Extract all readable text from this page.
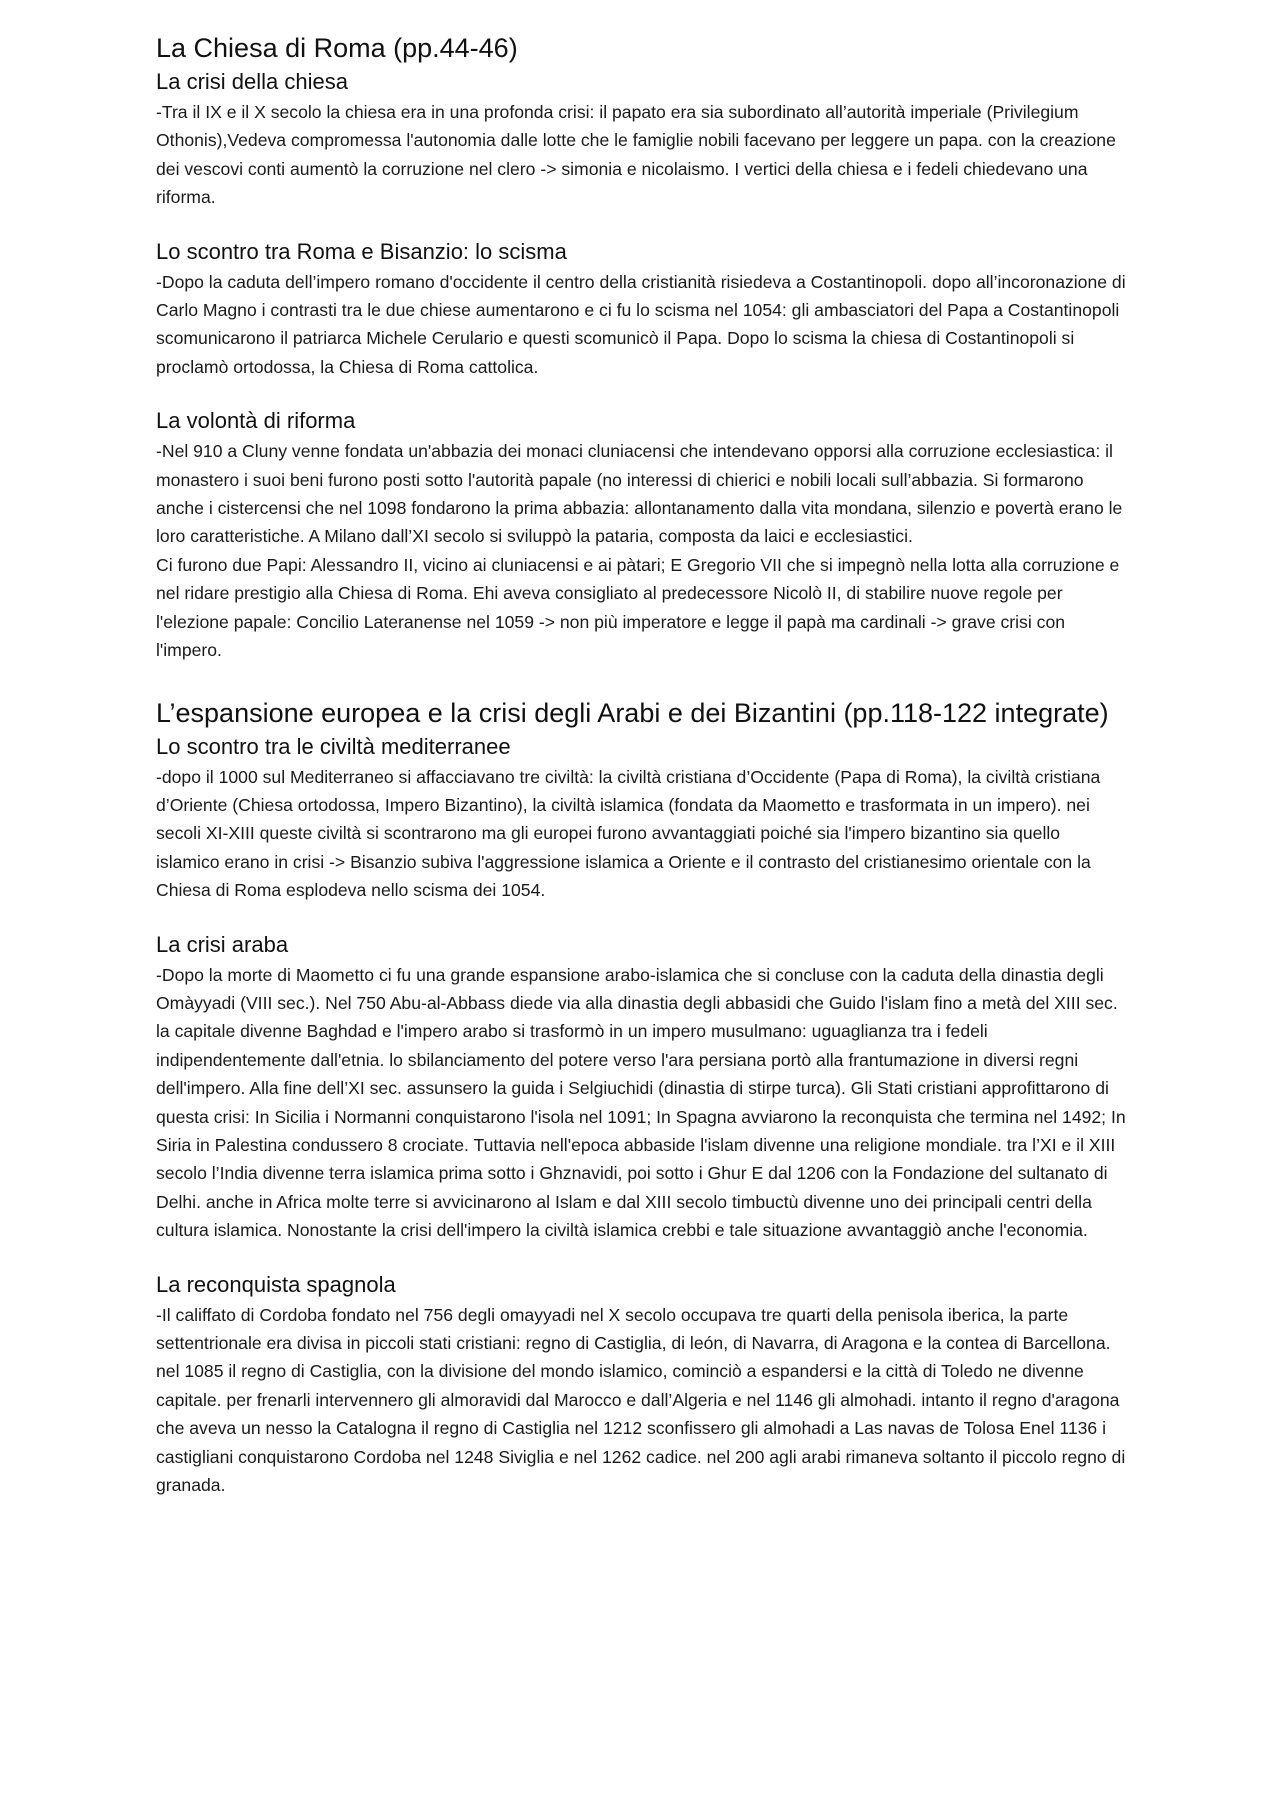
La Chiesa di Roma (pp.44-46)
La crisi della chiesa

-Tra il IX e il X secolo la chiesa era in una profonda crisi: il papato era sia subordinato all’autorità imperiale (Privilegium Othonis),Vedeva compromessa l'autonomia dalle lotte che le famiglie nobili facevano per leggere un papa. con la creazione dei vescovi conti aumentò la corruzione nel clero -> simonia e nicolaismo. I vertici della chiesa e i fedeli chiedevano una riforma.

Lo scontro tra Roma e Bisanzio: lo scisma

-Dopo la caduta dell’impero romano d'occidente il centro della cristianità risiedeva a Costantinopoli. dopo all’incoronazione di Carlo Magno i contrasti tra le due chiese aumentarono e ci fu lo scisma nel 1054: gli ambasciatori del Papa a Costantinopoli scomunicarono il patriarca Michele Cerulario e questi scomunicò il Papa. Dopo lo scisma la chiesa di Costantinopoli si proclamò ortodossa, la Chiesa di Roma cattolica.

La volontà di riforma

-Nel 910 a Cluny venne fondata un'abbazia dei monaci cluniacensi che intendevano opporsi alla corruzione ecclesiastica: il monastero i suoi beni furono posti sotto l'autorità papale (no interessi di chierici e nobili locali sull’abbazia. Si formarono anche i cistercensi che nel 1098 fondarono la prima abbazia: allontanamento dalla vita mondana, silenzio e povertà erano le loro caratteristiche. A Milano dall’XI secolo si sviluppò la pataria, composta da laici e ecclesiastici.

Ci furono due Papi: Alessandro II, vicino ai cluniacensi e ai pàtari; E Gregorio VII che si impegnò nella lotta alla corruzione e nel ridare prestigio alla Chiesa di Roma. Ehi aveva consigliato al predecessore Nicolò II, di stabilire nuove regole per l'elezione papale: Concilio Lateranense nel 1059 -> non più imperatore e legge il papà ma cardinali -> grave crisi con l'impero.

L’espansione europea e la crisi degli Arabi e dei Bizantini (pp.118-122 integrate)
Lo scontro tra le civiltà mediterranee

-dopo il 1000 sul Mediterraneo si affacciavano tre civiltà: la civiltà cristiana d’Occidente (Papa di Roma), la civiltà cristiana d’Oriente (Chiesa ortodossa, Impero Bizantino), la civiltà islamica (fondata da Maometto e trasformata in un impero). nei secoli XI-XIII queste civiltà si scontrarono ma gli europei furono avvantaggiati poiché sia l'impero bizantino sia quello islamico erano in crisi -> Bisanzio subiva l'aggressione islamica a Oriente e il contrasto del cristianesimo orientale con la Chiesa di Roma esplodeva nello scisma dei 1054.

La crisi araba

-Dopo la morte di Maometto ci fu una grande espansione arabo-islamica che si concluse con la caduta della dinastia degli Omàyyadi (VIII sec.). Nel 750 Abu-al-Abbass diede via alla dinastia degli abbasidi che Guido l'islam fino a metà del XIII sec. la capitale divenne Baghdad e l'impero arabo si trasformò in un impero musulmano: uguaglianza tra i fedeli indipendentemente dall'etnia. lo sbilanciamento del potere verso l'ara persiana portò alla frantumazione in diversi regni dell'impero. Alla fine dell’XI sec. assunsero la guida i Selgiuchidi (dinastia di stirpe turca). Gli Stati cristiani approfittarono di questa crisi: In Sicilia i Normanni conquistarono l'isola nel 1091; In Spagna avviarono la reconquista che termina nel 1492; In Siria in Palestina condussero 8 crociate. Tuttavia nell'epoca abbaside l'islam divenne una religione mondiale. tra l’XI e il XIII secolo l’India divenne terra islamica prima sotto i Ghznavidi, poi sotto i Ghur E dal 1206 con la Fondazione del sultanato di Delhi. anche in Africa molte terre si avvicinarono al Islam e dal XIII secolo timbuctù divenne uno dei principali centri della cultura islamica. Nonostante la crisi dell'impero la civiltà islamica crebbi e tale situazione avvantaggiò anche l'economia.

La reconquista spagnola

-Il califfato di Cordoba fondato nel 756 degli omayyadi nel X secolo occupava tre quarti della penisola iberica, la parte settentrionale era divisa in piccoli stati cristiani: regno di Castiglia, di león, di Navarra, di Aragona e la contea di Barcellona. nel 1085 il regno di Castiglia, con la divisione del mondo islamico, cominciò a espandersi e la città di Toledo ne divenne capitale. per frenarli intervennero gli almoravidi dal Marocco e dall’Algeria e nel 1146 gli almohadi. intanto il regno d'aragona che aveva un nesso la Catalogna il regno di Castiglia nel 1212 sconfissero gli almohadi a Las navas de Tolosa Enel 1136 i castigliani conquistarono Cordoba nel 1248 Siviglia e nel 1262 cadice. nel 200 agli arabi rimaneva soltanto il piccolo regno di granada.
